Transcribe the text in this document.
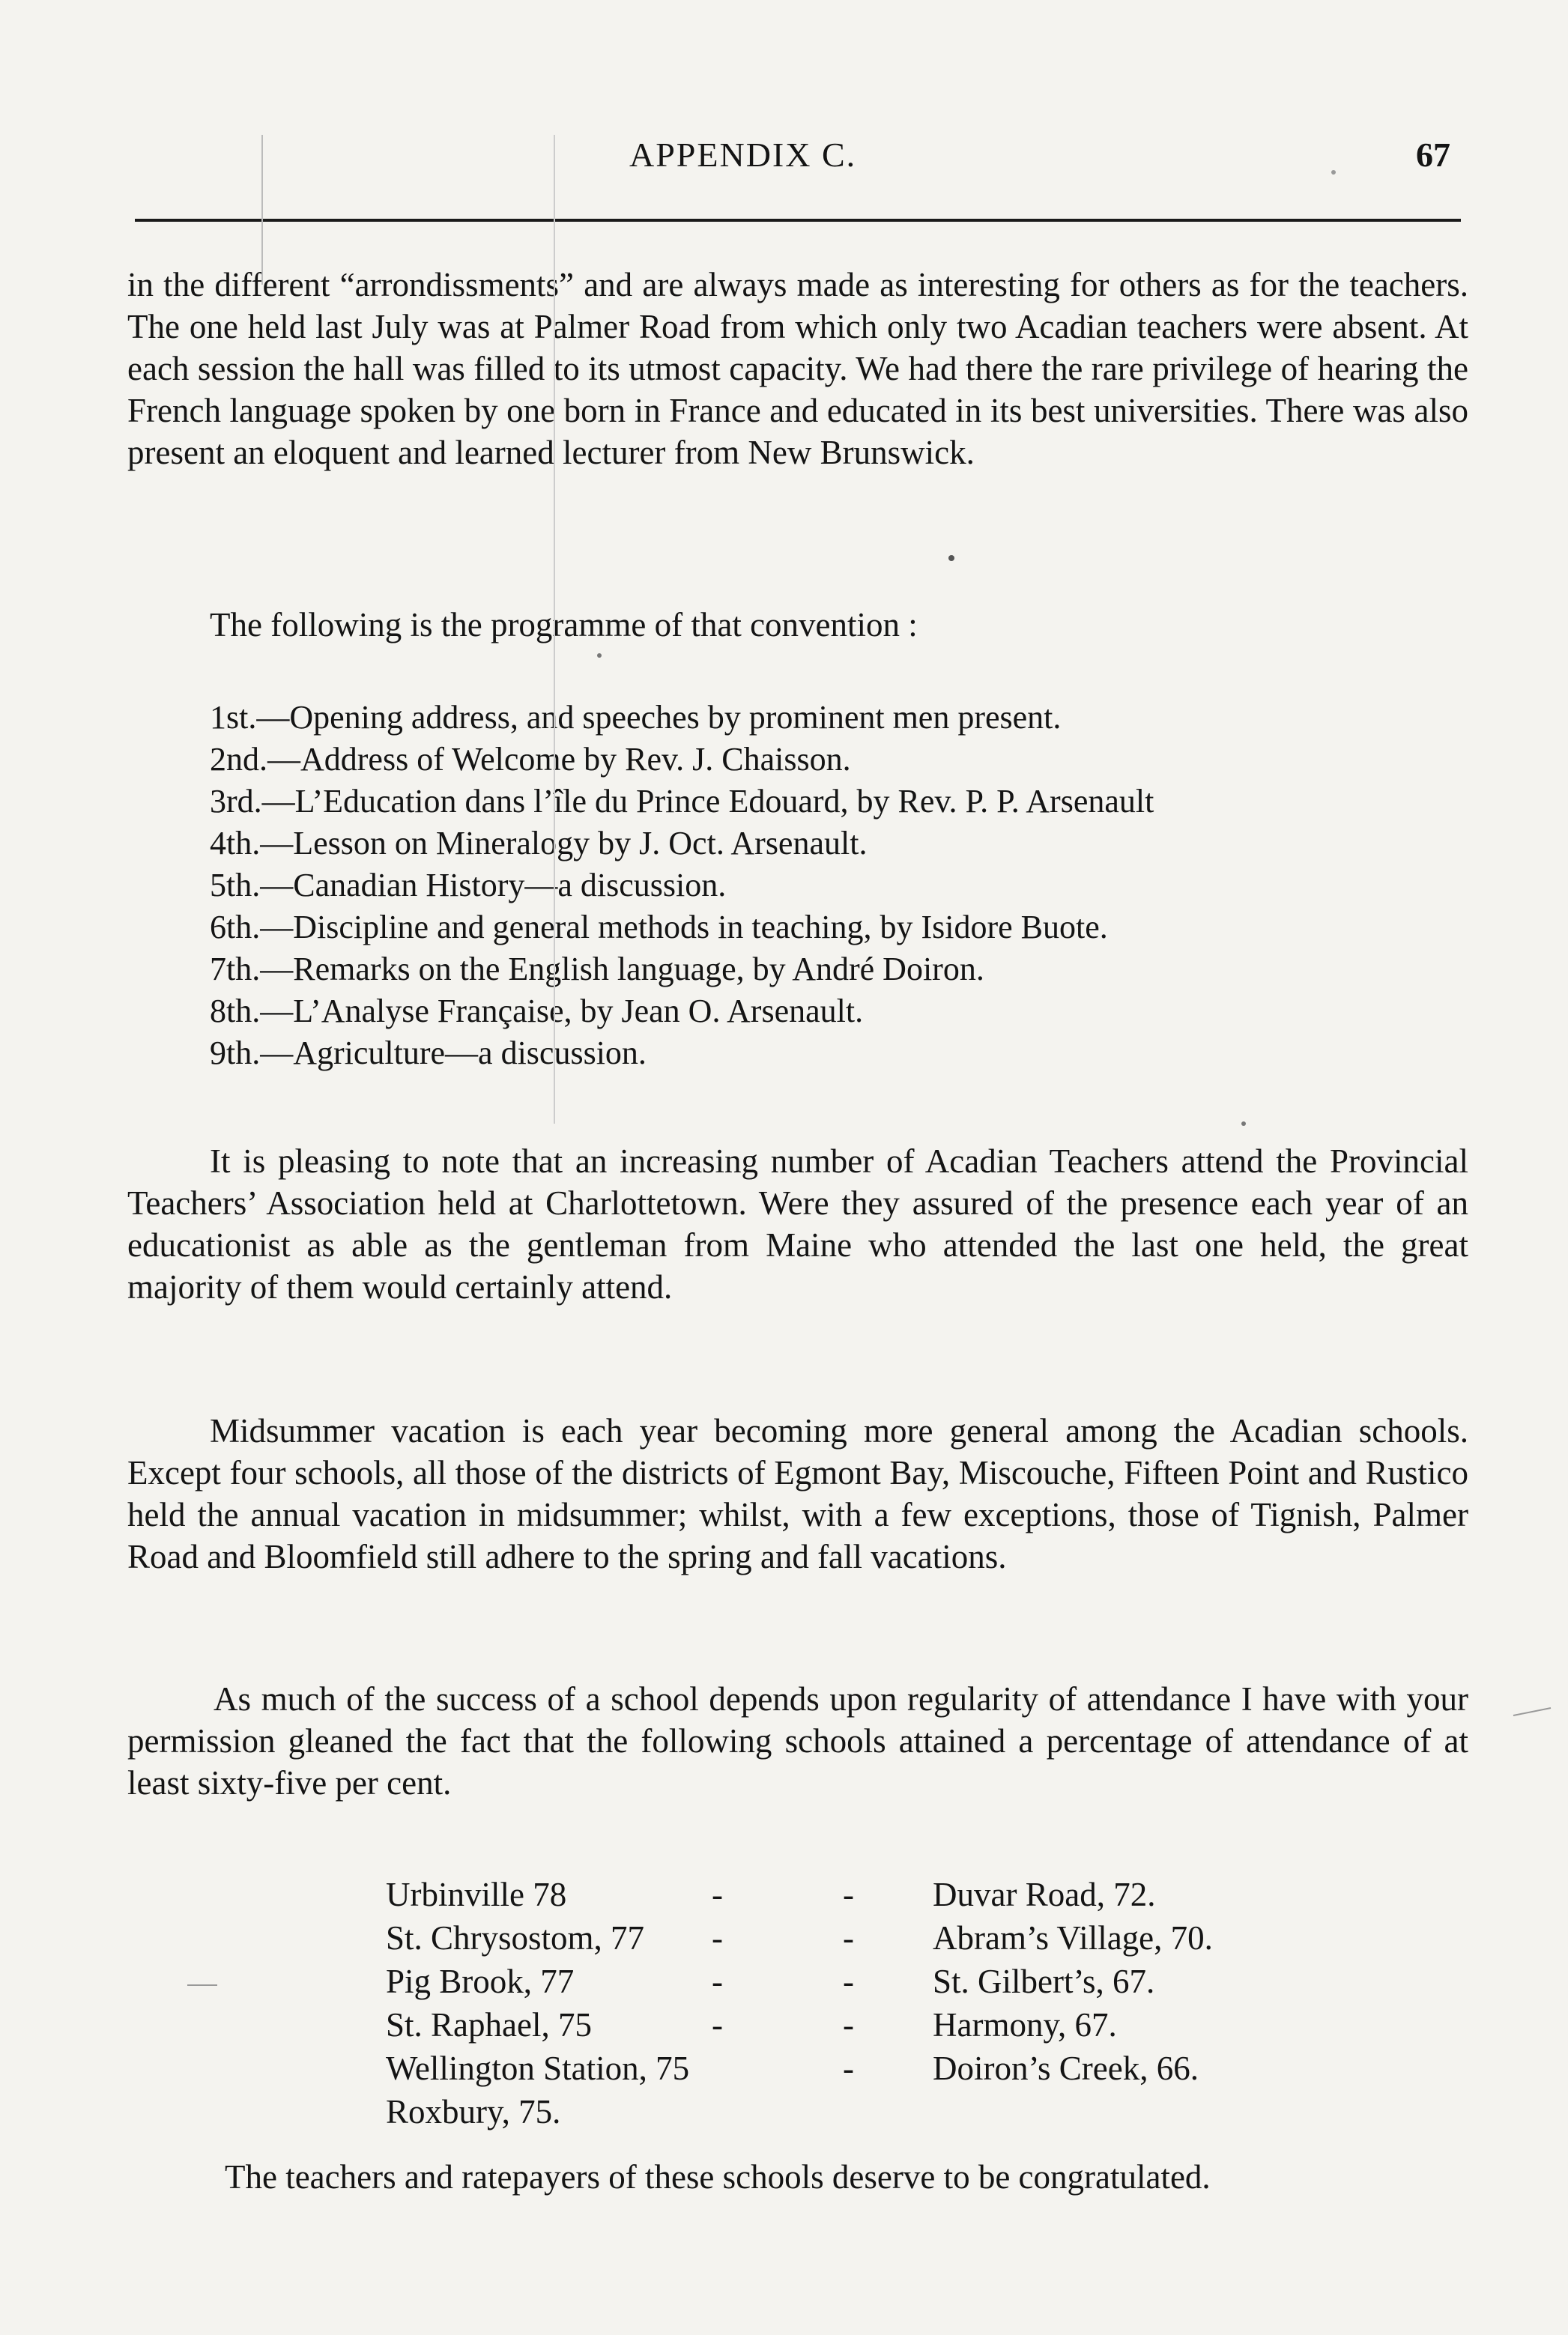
APPENDIX C.	67
in the different “arrondissments” and are always made as interesting for others as for the teachers. The one held last July was at Palmer Road from which only two Acadian teachers were absent. At each session the hall was filled to its utmost capacity. We had there the rare privilege of hearing the French language spoken by one born in France and educated in its best universities. There was also present an eloquent and learned lecturer from New Brunswick.
The following is the programme of that convention :
1st.—Opening address, and speeches by prominent men present.
2nd.—Address of Welcome by Rev. J. Chaisson.
3rd.—L’Education dans l’île du Prince Edouard, by Rev. P. P. Arsenault
4th.—Lesson on Mineralogy by J. Oct. Arsenault.
5th.—Canadian History—a discussion.
6th.—Discipline and general methods in teaching, by Isidore Buote.
7th.—Remarks on the English language, by André Doiron.
8th.—L’Analyse Française, by Jean O. Arsenault.
9th.—Agriculture—a discussion.
It is pleasing to note that an increasing number of Acadian Teachers attend the Provincial Teachers’ Association held at Charlottetown. Were they assured of the presence each year of an educationist as able as the gentleman from Maine who attended the last one held, the great majority of them would certainly attend.
Midsummer vacation is each year becoming more general among the Acadian schools. Except four schools, all those of the districts of Egmont Bay, Miscouche, Fifteen Point and Rustico held the annual vacation in midsummer; whilst, with a few exceptions, those of Tignish, Palmer Road and Bloomfield still adhere to the spring and fall vacations.
As much of the success of a school depends upon regularity of attendance I have with your permission gleaned the fact that the following schools attained a percentage of attendance of at least sixty-five per cent.
Urbinville 78
St. Chrysostom, 77
Pig Brook, 77
St. Raphael, 75
Wellington Station, 75
Roxbury, 75.
-
-
-
-
-
-
-
-
-
Duvar Road, 72.
Abram’s Village, 70.
St. Gilbert’s, 67.
Harmony, 67.
Doiron’s Creek, 66.
The teachers and ratepayers of these schools deserve to be congratulated.
